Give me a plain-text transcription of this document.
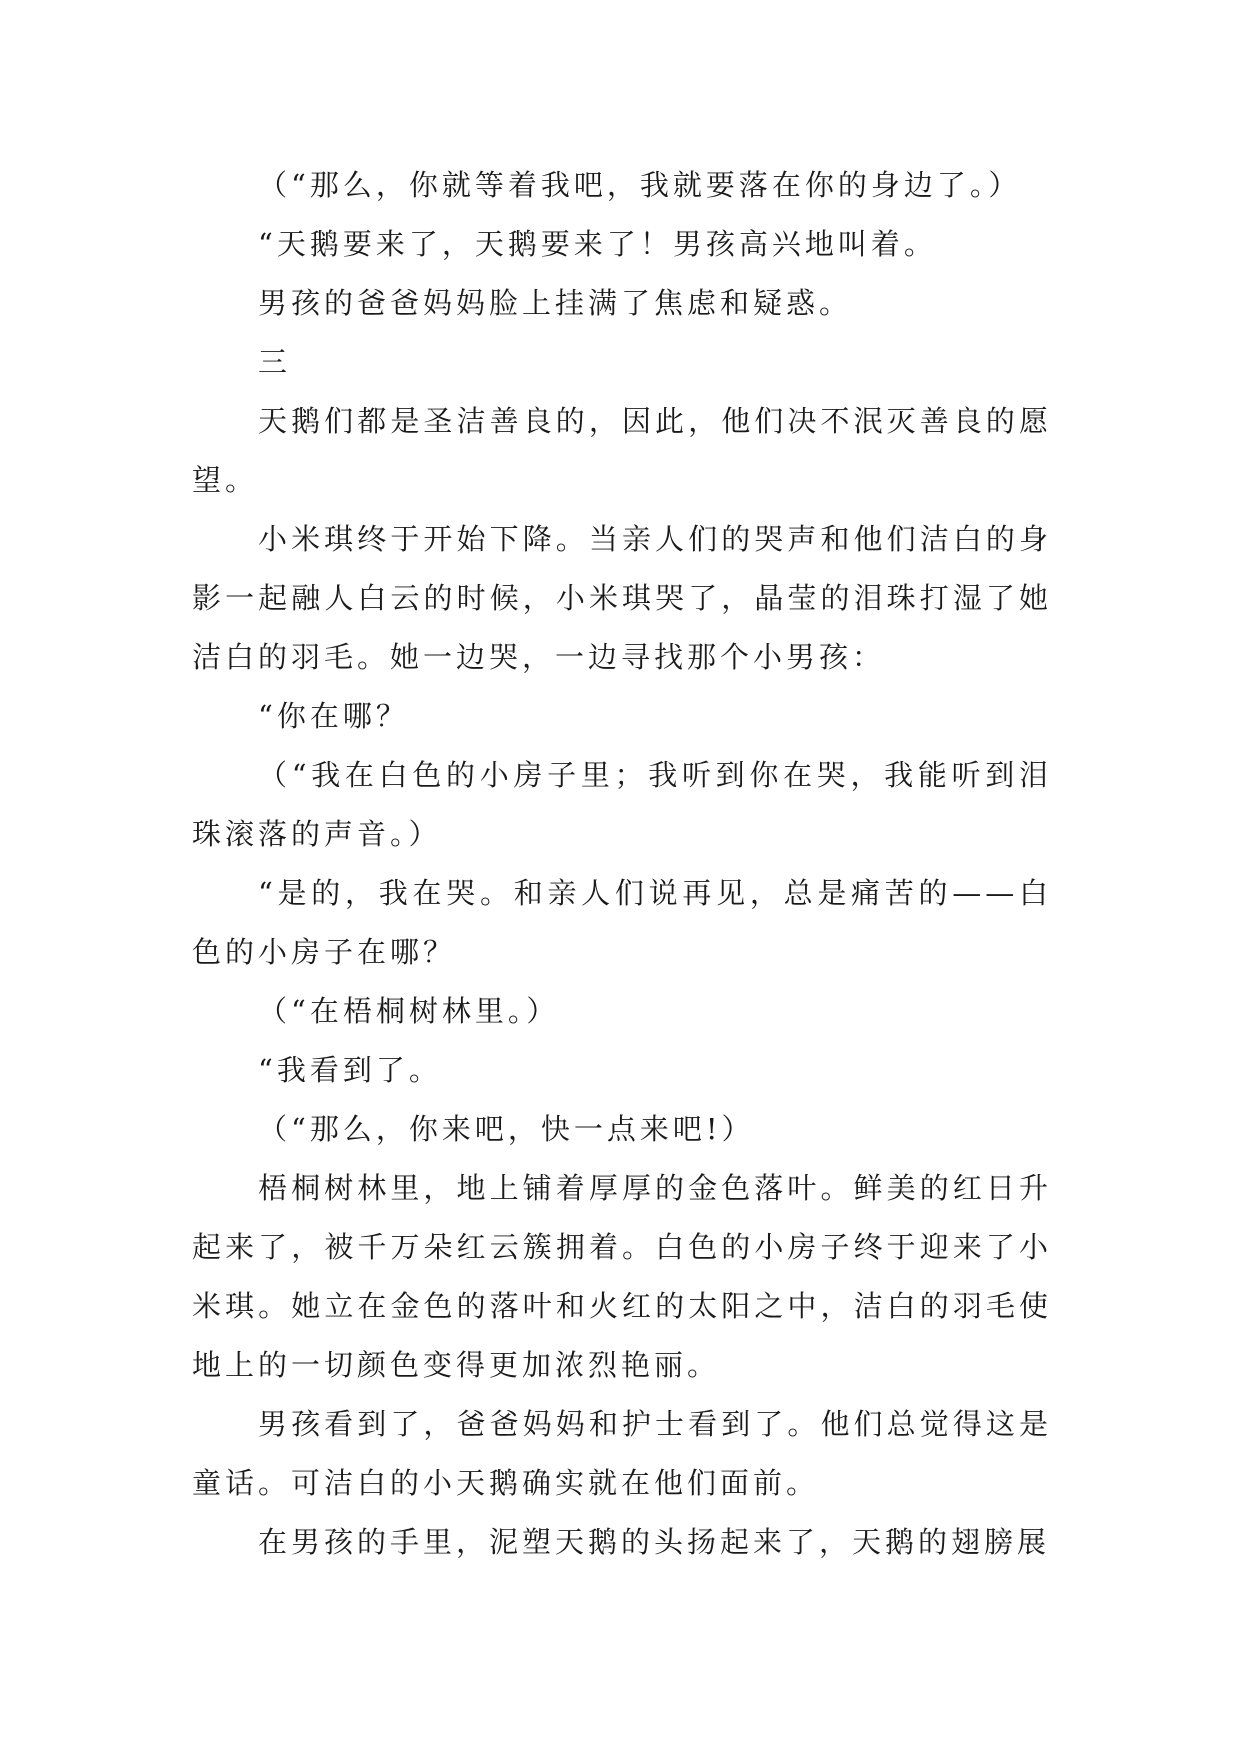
（“那么，你就等着我吧，我就要落在你的身边了。）

“天鹅要来了，天鹅要来了！男孩高兴地叫着。

男孩的爸爸妈妈脸上挂满了焦虑和疑惑。

三

天鹅们都是圣洁善良的，因此，他们决不泯灭善良的愿望。

小米琪终于开始下降。当亲人们的哭声和他们洁白的身影一起融人白云的时候，小米琪哭了，晶莹的泪珠打湿了她洁白的羽毛。她一边哭，一边寻找那个小男孩：

“你在哪？

（“我在白色的小房子里；我听到你在哭，我能听到泪珠滚落的声音。）

“是的，我在哭。和亲人们说再见，总是痛苦的——白色的小房子在哪？

（“在梧桐树林里。）

“我看到了。

（“那么，你来吧，快一点来吧!）

梧桐树林里，地上铺着厚厚的金色落叶。鲜美的红日升起来了，被千万朵红云簇拥着。白色的小房子终于迎来了小米琪。她立在金色的落叶和火红的太阳之中，洁白的羽毛使地上的一切颜色变得更加浓烈艳丽。

男孩看到了，爸爸妈妈和护士看到了。他们总觉得这是童话。可洁白的小天鹅确实就在他们面前。

在男孩的手里，泥塑天鹅的头扬起来了，天鹅的翅膀展
